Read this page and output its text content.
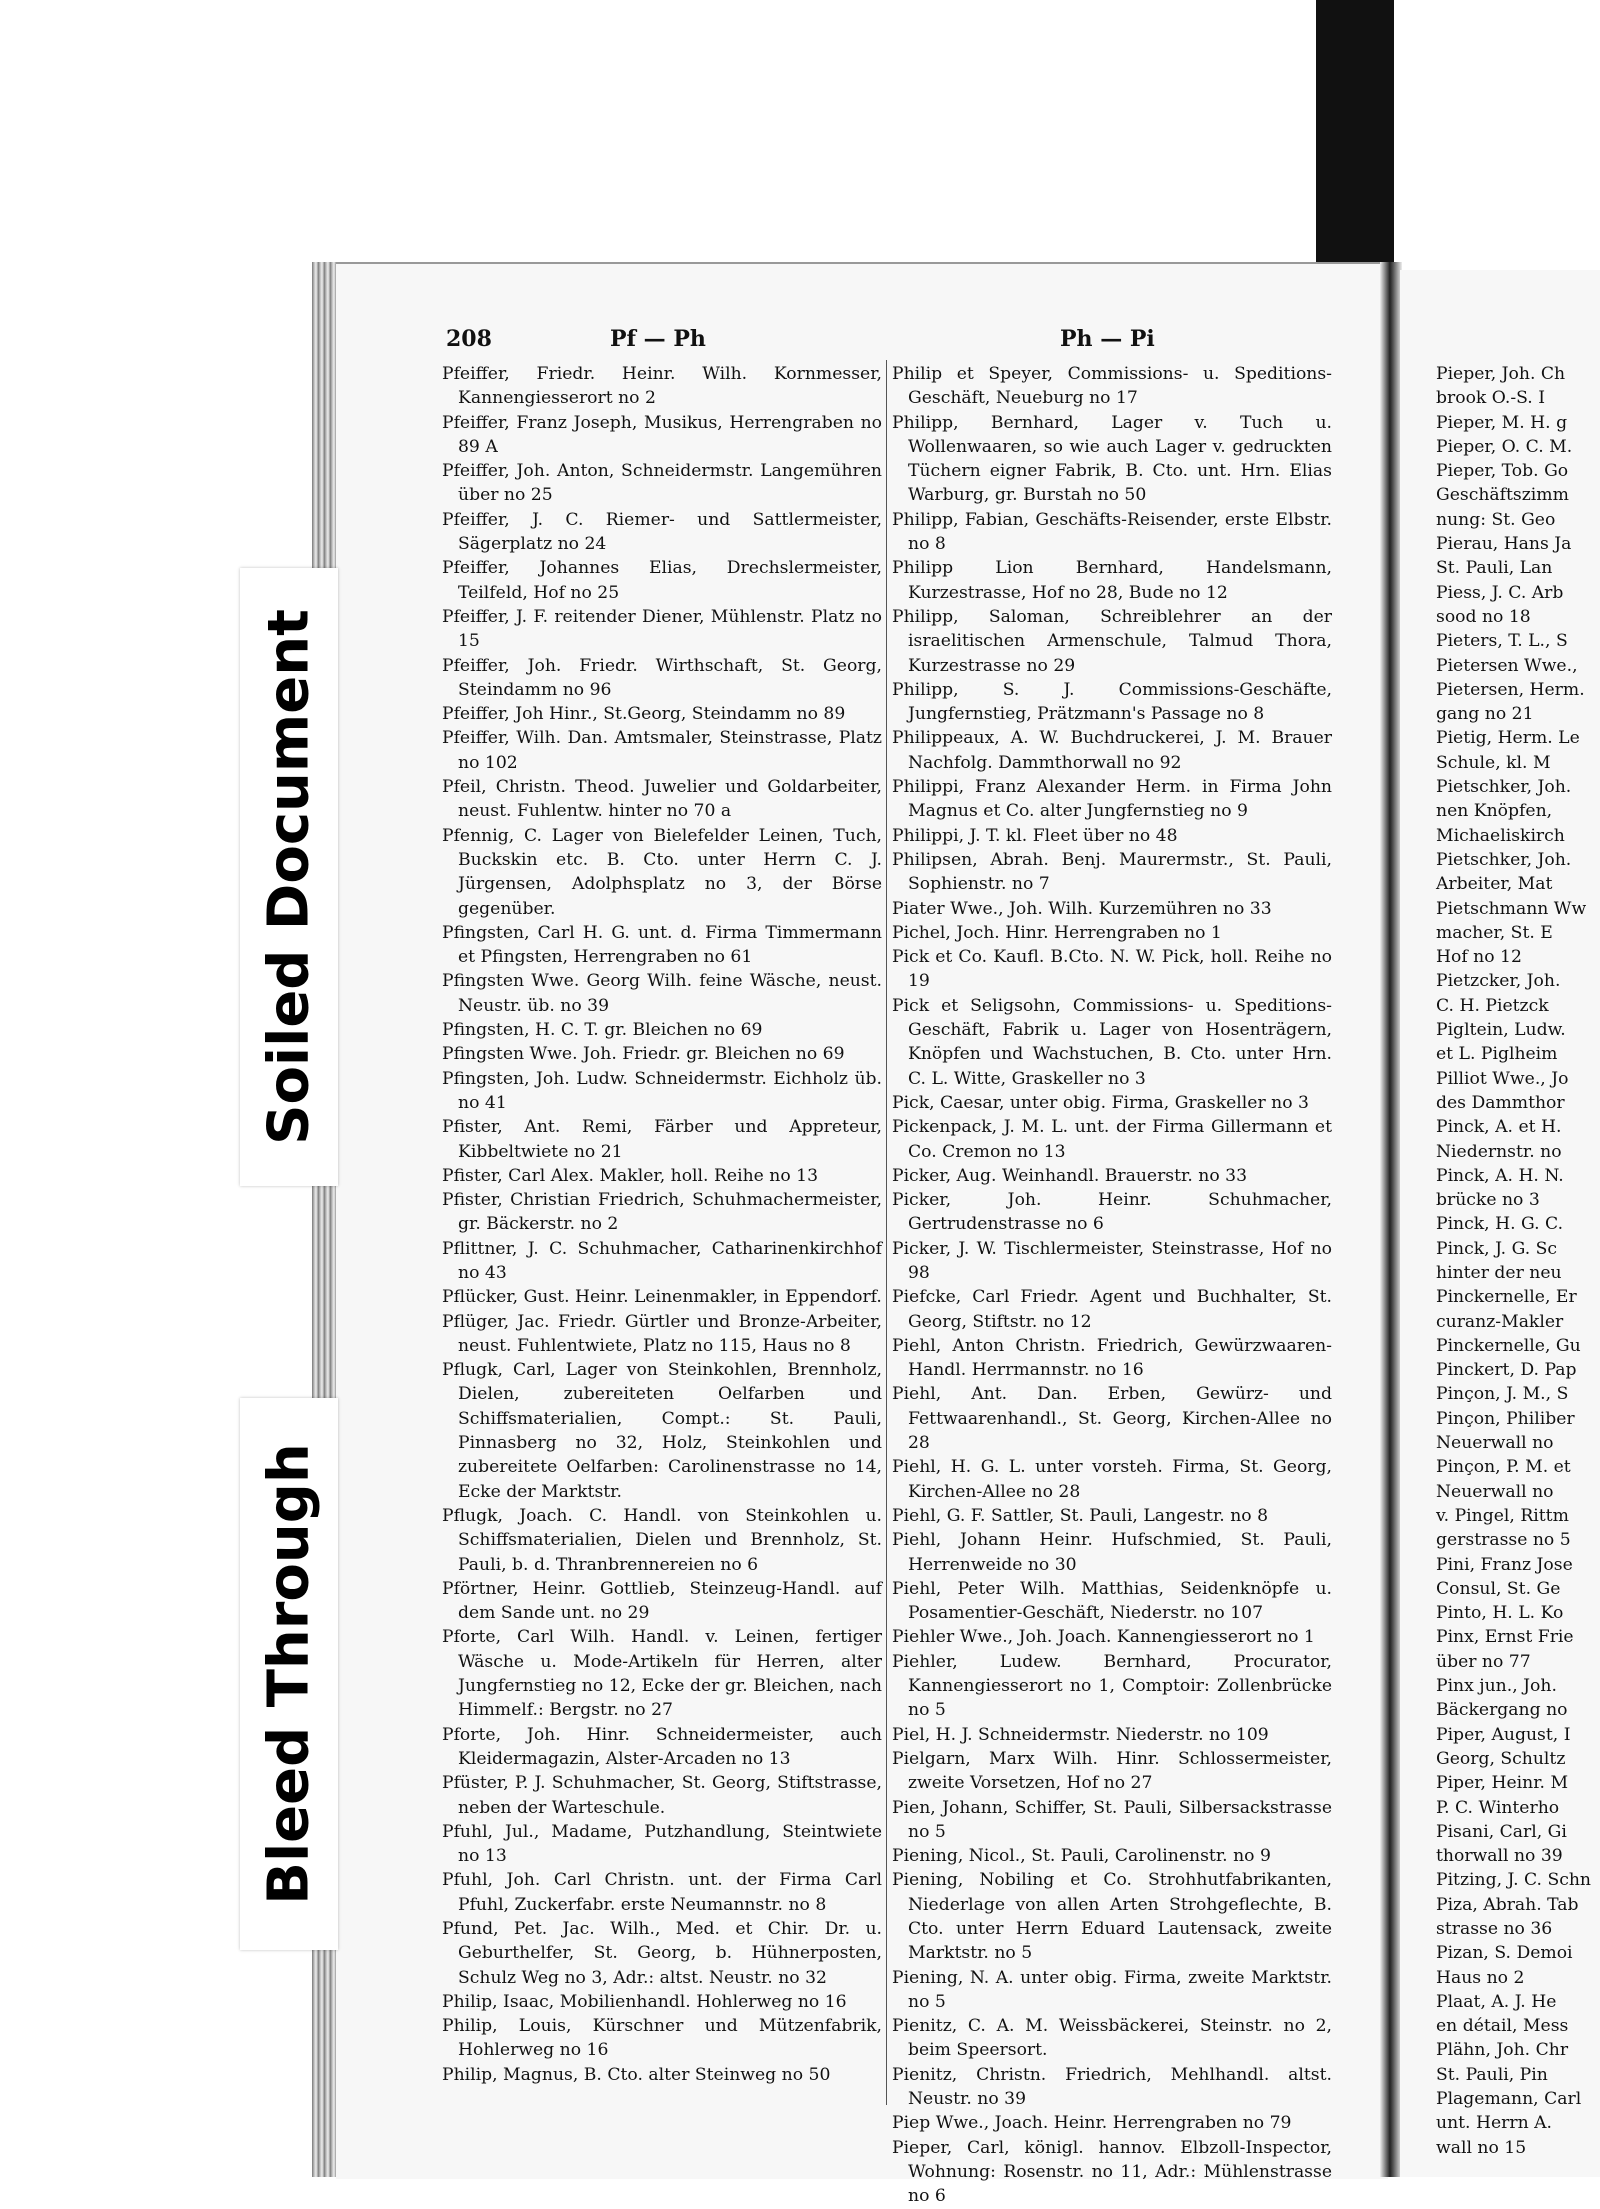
208	Pf — Ph	Ph — Pi

Pfeiffer, Friedr. Heinr. Wilh. Kornmesser, Kannengiesserort no 2

Pfeiffer, Franz Joseph, Musikus, Herrengraben no 89 A

Pfeiffer, Joh. Anton, Schneidermstr. Langemühren über no 25

Pfeiffer, J. C. Riemer- und Sattlermeister, Sägerplatz no 24

Pfeiffer, Johannes Elias, Drechslermeister, Teilfeld, Hof no 25

Pfeiffer, J. F. reitender Diener, Mühlenstr. Platz no 15

Pfeiffer, Joh. Friedr. Wirthschaft, St. Georg, Steindamm no 96

Pfeiffer, Joh Hinr., St.Georg, Steindamm no 89

Pfeiffer, Wilh. Dan. Amtsmaler, Steinstrasse, Platz no 102

Pfeil, Christn. Theod. Juwelier und Goldarbeiter, neust. Fuhlentw. hinter no 70 a

Pfennig, C. Lager von Bielefelder Leinen, Tuch, Buckskin etc. B. Cto. unter Herrn C. J. Jürgensen, Adolphsplatz no 3, der Börse gegenüber.

Pfingsten, Carl H. G. unt. d. Firma Timmermann et Pfingsten, Herrengraben no 61

Pfingsten Wwe. Georg Wilh. feine Wäsche, neust. Neustr. üb. no 39

Pfingsten, H. C. T. gr. Bleichen no 69

Pfingsten Wwe. Joh. Friedr. gr. Bleichen no 69

Pfingsten, Joh. Ludw. Schneidermstr. Eichholz üb. no 41

Pfister, Ant. Remi, Färber und Appreteur, Kibbeltwiete no 21

Pfister, Carl Alex. Makler, holl. Reihe no 13

Pfister, Christian Friedrich, Schuhmachermeister, gr. Bäckerstr. no 2

Pflittner, J. C. Schuhmacher, Catharinenkirchhof no 43

Pflücker, Gust. Heinr. Leinenmakler, in Eppendorf.

Pflüger, Jac. Friedr. Gürtler und Bronze-Arbeiter, neust. Fuhlentwiete, Platz no 115, Haus no 8

Pflugk, Carl, Lager von Steinkohlen, Brennholz, Dielen, zubereiteten Oelfarben und Schiffsmaterialien, Compt.: St. Pauli, Pinnasberg no 32, Holz, Steinkohlen und zubereitete Oelfarben: Carolinenstrasse no 14, Ecke der Marktstr.

Pflugk, Joach. C. Handl. von Steinkohlen u. Schiffsmaterialien, Dielen und Brennholz, St. Pauli, b. d. Thranbrennereien no 6

Pförtner, Heinr. Gottlieb, Steinzeug-Handl. auf dem Sande unt. no 29

Pforte, Carl Wilh. Handl. v. Leinen, fertiger Wäsche u. Mode-Artikeln für Herren, alter Jungfernstieg no 12, Ecke der gr. Bleichen, nach Himmelf.: Bergstr. no 27

Pforte, Joh. Hinr. Schneidermeister, auch Kleidermagazin, Alster-Arcaden no 13

Pfüster, P. J. Schuhmacher, St. Georg, Stiftstrasse, neben der Warteschule.

Pfuhl, Jul., Madame, Putzhandlung, Steintwiete no 13

Pfuhl, Joh. Carl Christn. unt. der Firma Carl Pfuhl, Zuckerfabr. erste Neumannstr. no 8

Pfund, Pet. Jac. Wilh., Med. et Chir. Dr. u. Geburthelfer, St. Georg, b. Hühnerposten, Schulz Weg no 3, Adr.: altst. Neustr. no 32

Philip, Isaac, Mobilienhandl. Hohlerweg no 16

Philip, Louis, Kürschner und Mützenfabrik, Hohlerweg no 16

Philip, Magnus, B. Cto. alter Steinweg no 50

Philip et Speyer, Commissions- u. Speditions-Geschäft, Neueburg no 17

Philipp, Bernhard, Lager v. Tuch u. Wollenwaaren, so wie auch Lager v. gedruckten Tüchern eigner Fabrik, B. Cto. unt. Hrn. Elias Warburg, gr. Burstah no 50

Philipp, Fabian, Geschäfts-Reisender, erste Elbstr. no 8

Philipp Lion Bernhard, Handelsmann, Kurzestrasse, Hof no 28, Bude no 12

Philipp, Saloman, Schreiblehrer an der israelitischen Armenschule, Talmud Thora, Kurzestrasse no 29

Philipp, S. J. Commissions-Geschäfte, Jungfernstieg, Prätzmann's Passage no 8

Philippeaux, A. W. Buchdruckerei, J. M. Brauer Nachfolg. Dammthorwall no 92

Philippi, Franz Alexander Herm. in Firma John Magnus et Co. alter Jungfernstieg no 9

Philippi, J. T. kl. Fleet über no 48

Philipsen, Abrah. Benj. Maurermstr., St. Pauli, Sophienstr. no 7

Piater Wwe., Joh. Wilh. Kurzemühren no 33

Pichel, Joch. Hinr. Herrengraben no 1

Pick et Co. Kaufl. B.Cto. N. W. Pick, holl. Reihe no 19

Pick et Seligsohn, Commissions- u. Speditions-Geschäft, Fabrik u. Lager von Hosenträgern, Knöpfen und Wachstuchen, B. Cto. unter Hrn. C. L. Witte, Graskeller no 3

Pick, Caesar, unter obig. Firma, Graskeller no 3

Pickenpack, J. M. L. unt. der Firma Gillermann et Co. Cremon no 13

Picker, Aug. Weinhandl. Brauerstr. no 33

Picker, Joh. Heinr. Schuhmacher, Gertrudenstrasse no 6

Picker, J. W. Tischlermeister, Steinstrasse, Hof no 98

Piefcke, Carl Friedr. Agent und Buchhalter, St. Georg, Stiftstr. no 12

Piehl, Anton Christn. Friedrich, Gewürzwaaren-Handl. Herrmannstr. no 16

Piehl, Ant. Dan. Erben, Gewürz- und Fettwaarenhandl., St. Georg, Kirchen-Allee no 28

Piehl, H. G. L. unter vorsteh. Firma, St. Georg, Kirchen-Allee no 28

Piehl, G. F. Sattler, St. Pauli, Langestr. no 8

Piehl, Johann Heinr. Hufschmied, St. Pauli, Herrenweide no 30

Piehl, Peter Wilh. Matthias, Seidenknöpfe u. Posamentier-Geschäft, Niederstr. no 107

Piehler Wwe., Joh. Joach. Kannengiesserort no 1

Piehler, Ludew. Bernhard, Procurator, Kannengiesserort no 1, Comptoir: Zollenbrücke no 5

Piel, H. J. Schneidermstr. Niederstr. no 109

Pielgarn, Marx Wilh. Hinr. Schlossermeister, zweite Vorsetzen, Hof no 27

Pien, Johann, Schiffer, St. Pauli, Silbersackstrasse no 5

Piening, Nicol., St. Pauli, Carolinenstr. no 9

Piening, Nobiling et Co. Strohhutfabrikanten, Niederlage von allen Arten Strohgeflechte, B. Cto. unter Herrn Eduard Lautensack, zweite Marktstr. no 5

Piening, N. A. unter obig. Firma, zweite Marktstr. no 5

Pienitz, C. A. M. Weissbäckerei, Steinstr. no 2, beim Speersort.

Pienitz, Christn. Friedrich, Mehlhandl. altst. Neustr. no 39

Piep Wwe., Joach. Heinr. Herrengraben no 79

Pieper, Carl, königl. hannov. Elbzoll-Inspector, Wohnung: Rosenstr. no 11, Adr.: Mühlenstrasse no 6

Pieper, Joh. Ch

brook O.-S. I

Pieper, M. H. g

Pieper, O. C. M.

Pieper, Tob. Go

Geschäftszimm

nung: St. Geo

Pierau, Hans Ja

St. Pauli, Lan

Piess, J. C. Arb

sood no 18

Pieters, T. L., S

Pietersen Wwe.,

Pietersen, Herm.

gang no 21

Pietig, Herm. Le

Schule, kl. M

Pietschker, Joh.

nen Knöpfen,

Michaeliskirch

Pietschker, Joh.

Arbeiter, Mat

Pietschmann Ww

macher, St. E

Hof no 12

Pietzcker, Joh.

C. H. Pietzck

Pigltein, Ludw.

et L. Piglheim

Pilliot Wwe., Jo

des Dammthor

Pinck, A. et H.

Niedernstr. no

Pinck, A. H. N.

brücke no 3

Pinck, H. G. C.

Pinck, J. G. Sc

hinter der neu

Pinckernelle, Er

curanz-Makler

Pinckernelle, Gu

Pinckert, D. Pap

Pinçon, J. M., S

Pinçon, Philiber

Neuerwall no

Pinçon, P. M. et

Neuerwall no

v. Pingel, Rittm

gerstrasse no 5

Pini, Franz Jose

Consul, St. Ge

Pinto, H. L. Ko

Pinx, Ernst Frie

über no 77

Pinx jun., Joh.

Bäckergang no

Piper, August, I

Georg, Schultz

Piper, Heinr. M

P. C. Winterho

Pisani, Carl, Gi

thorwall no 39

Pitzing, J. C. Schn

Piza, Abrah. Tab

strasse no 36

Pizan, S. Demoi

Haus no 2

Plaat, A. J. He

en détail, Mess

Plähn, Joh. Chr

St. Pauli, Pin

Plagemann, Carl

unt. Herrn A.

wall no 15

Soiled Document
Bleed Through
